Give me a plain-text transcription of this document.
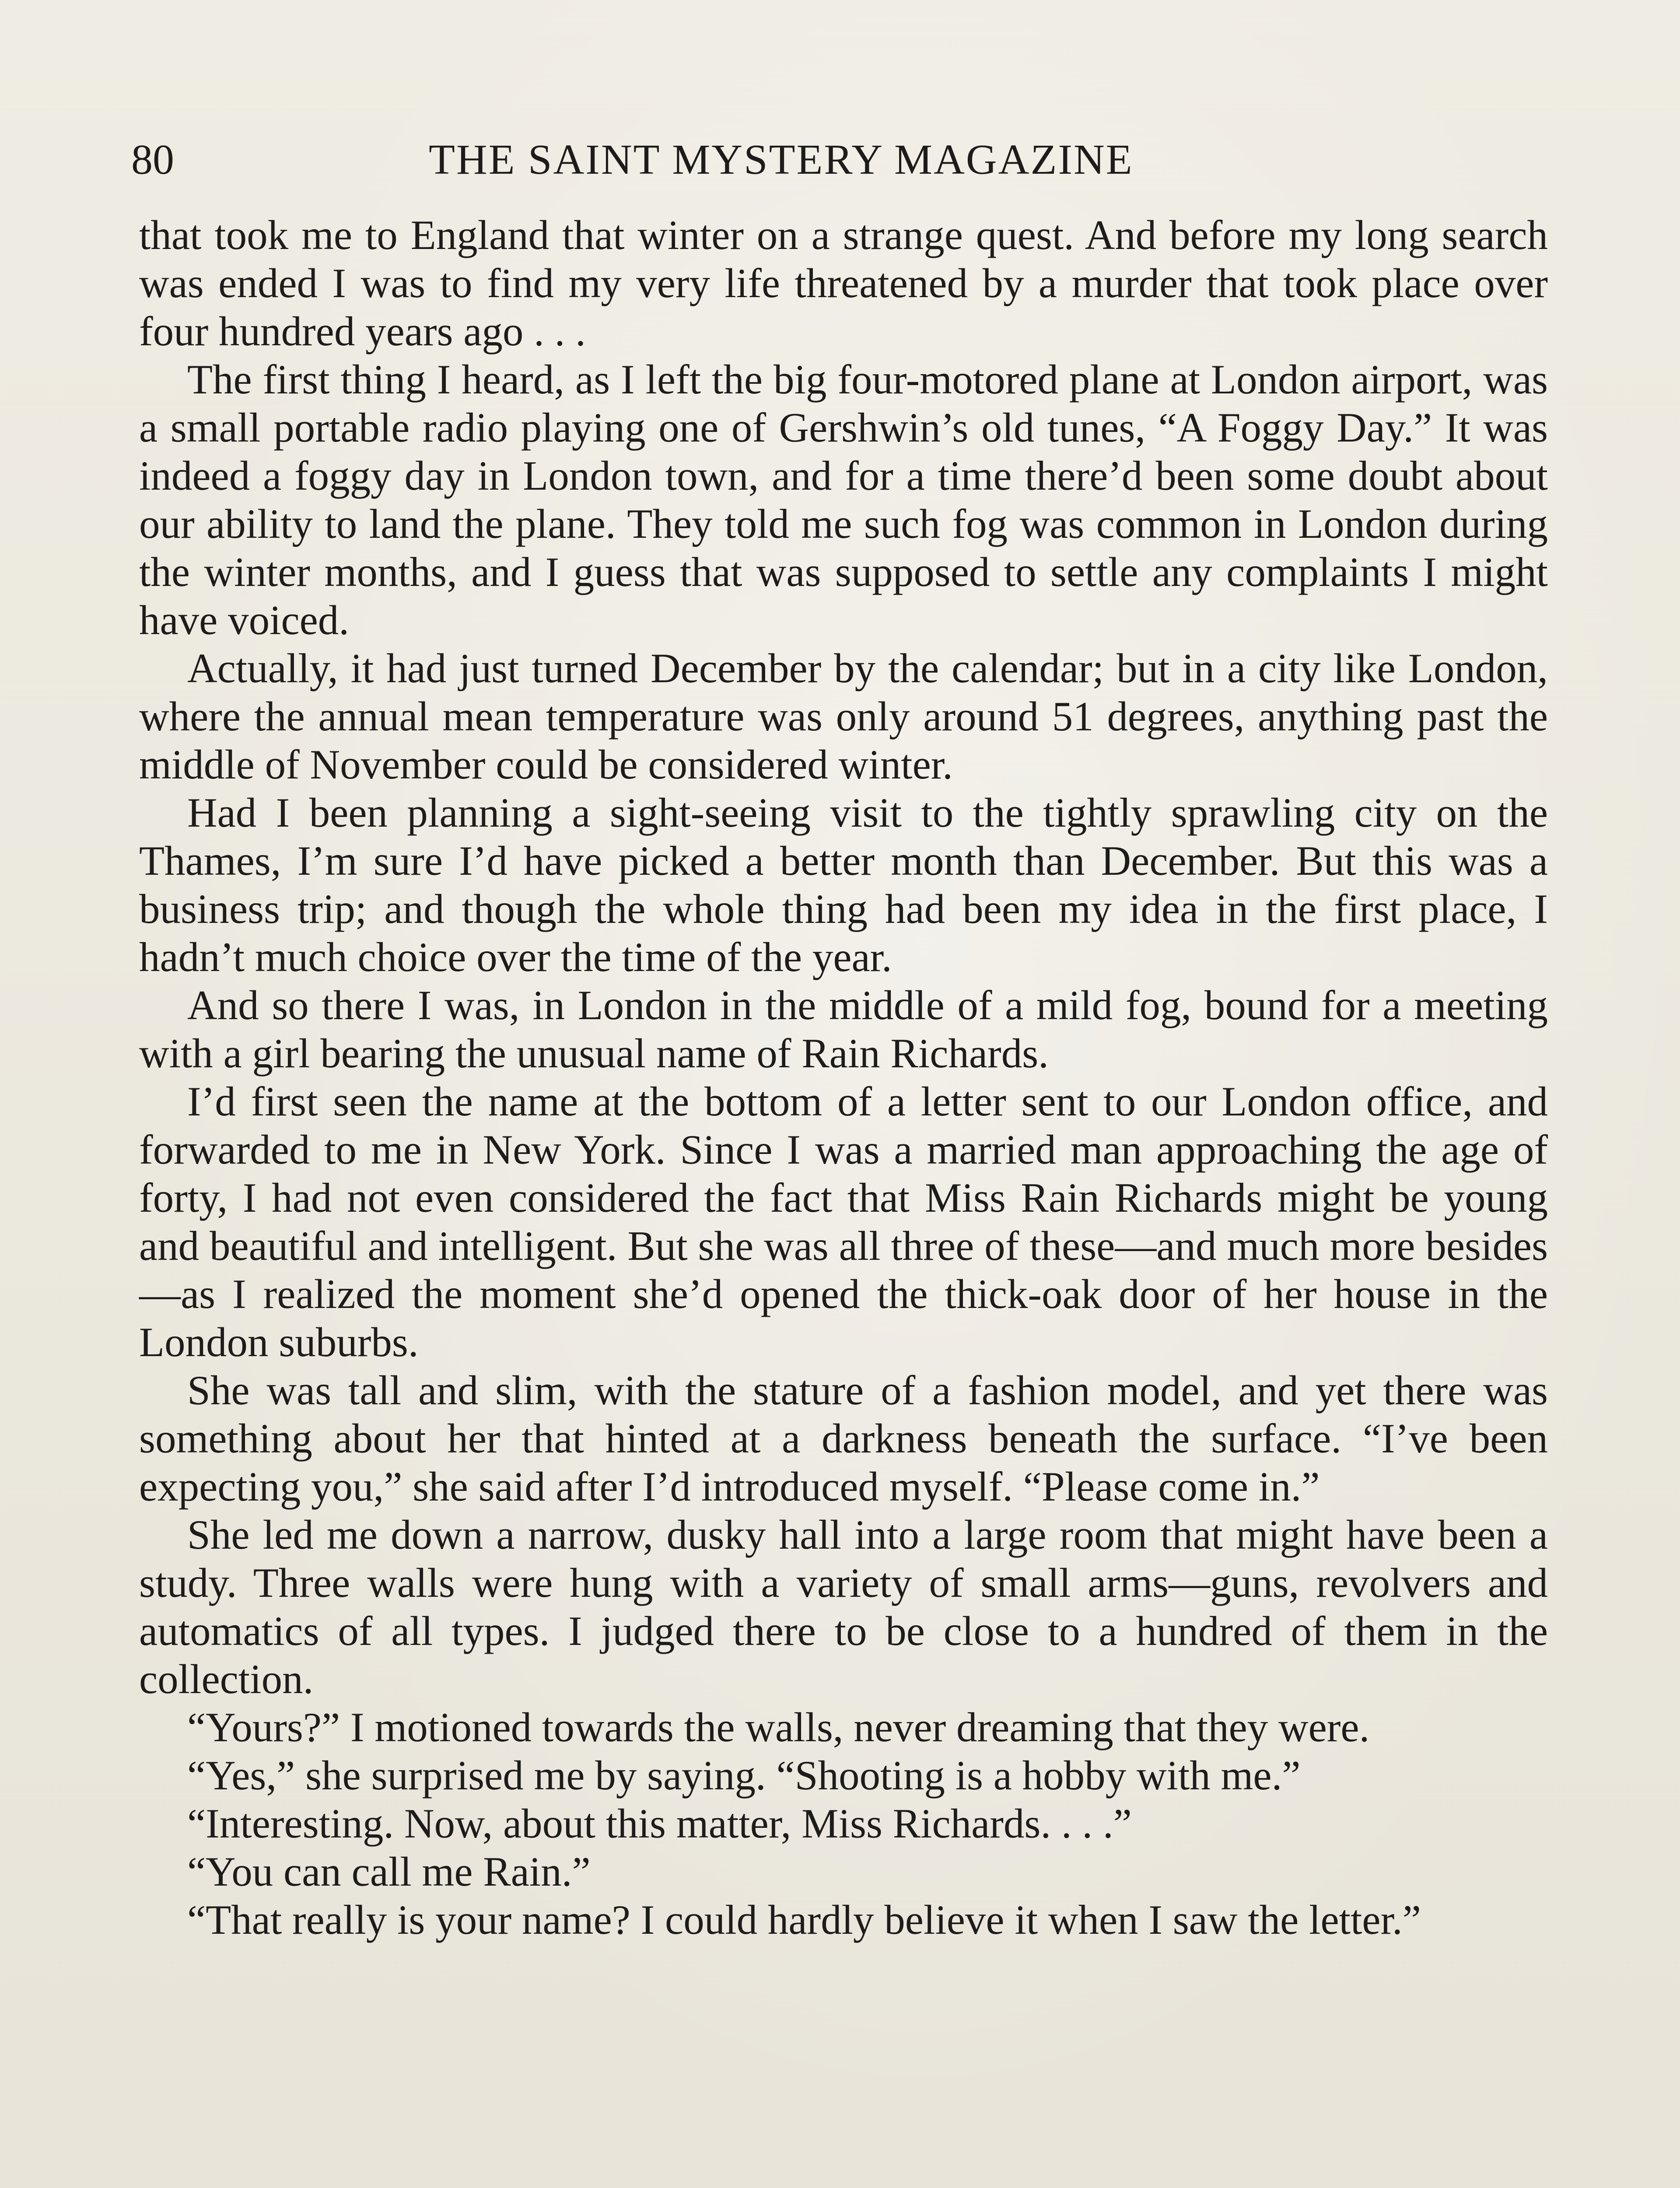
80	THE SAINT MYSTERY MAGAZINE

that took me to England that winter on a strange quest. And before my long search was ended I was to find my very life threatened by a murder that took place over four hundred years ago . . .

The first thing I heard, as I left the big four-motored plane at London airport, was a small portable radio playing one of Gershwin’s old tunes, “A Foggy Day.” It was indeed a foggy day in London town, and for a time there’d been some doubt about our ability to land the plane. They told me such fog was common in London during the winter months, and I guess that was supposed to settle any complaints I might have voiced.

Actually, it had just turned December by the calendar; but in a city like London, where the annual mean temperature was only around 51 degrees, anything past the middle of November could be considered winter.

Had I been planning a sight-seeing visit to the tightly sprawling city on the Thames, I’m sure I’d have picked a better month than December. But this was a business trip; and though the whole thing had been my idea in the first place, I hadn’t much choice over the time of the year.

And so there I was, in London in the middle of a mild fog, bound for a meeting with a girl bearing the unusual name of Rain Richards.

I’d first seen the name at the bottom of a letter sent to our London office, and forwarded to me in New York. Since I was a married man approaching the age of forty, I had not even considered the fact that Miss Rain Richards might be young and beautiful and intelligent. But she was all three of these—and much more besides—as I realized the moment she’d opened the thick-oak door of her house in the London suburbs.

She was tall and slim, with the stature of a fashion model, and yet there was something about her that hinted at a darkness beneath the surface. “I’ve been expecting you,” she said after I’d introduced myself. “Please come in.”

She led me down a narrow, dusky hall into a large room that might have been a study. Three walls were hung with a variety of small arms—guns, revolvers and automatics of all types. I judged there to be close to a hundred of them in the collection.

“Yours?” I motioned towards the walls, never dreaming that they were.

“Yes,” she surprised me by saying. “Shooting is a hobby with me.”

“Interesting. Now, about this matter, Miss Richards. . . .”

“You can call me Rain.”

“That really is your name? I could hardly believe it when I saw the letter.”
